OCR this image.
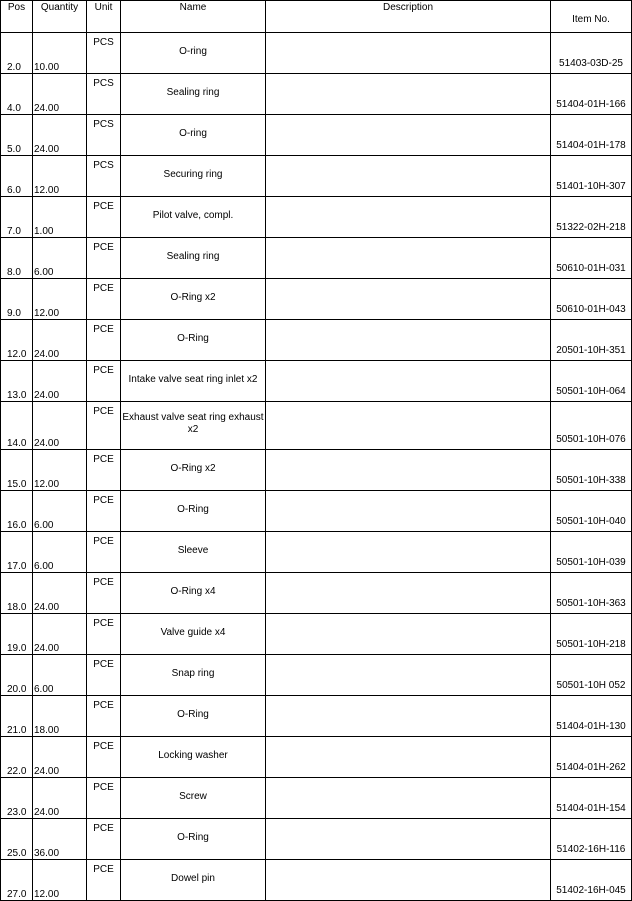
Pos	Quantity	Unit	Name	Description	Item No.
2.0	10.00	PCS	O-ring		51403-03D-25
4.0	24.00	PCS	Sealing ring		51404-01H-166
5.0	24.00	PCS	O-ring		51404-01H-178
6.0	12.00	PCS	Securing ring		51401-10H-307
7.0	1.00	PCE	Pilot valve, compl.		51322-02H-218
8.0	6.00	PCE	Sealing ring		50610-01H-031
9.0	12.00	PCE	O-Ring x2		50610-01H-043
12.0	24.00	PCE	O-Ring		20501-10H-351
13.0	24.00	PCE	Intake valve seat ring inlet x2		50501-10H-064
14.0	24.00	PCE	Exhaust valve seat ring exhaust x2		50501-10H-076
15.0	12.00	PCE	O-Ring x2		50501-10H-338
16.0	6.00	PCE	O-Ring		50501-10H-040
17.0	6.00	PCE	Sleeve		50501-10H-039
18.0	24.00	PCE	O-Ring x4		50501-10H-363
19.0	24.00	PCE	Valve guide x4		50501-10H-218
20.0	6.00	PCE	Snap ring		50501-10H 052
21.0	18.00	PCE	O-Ring		51404-01H-130
22.0	24.00	PCE	Locking washer		51404-01H-262
23.0	24.00	PCE	Screw		51404-01H-154
25.0	36.00	PCE	O-Ring		51402-16H-116
27.0	12.00	PCE	Dowel pin		51402-16H-045
